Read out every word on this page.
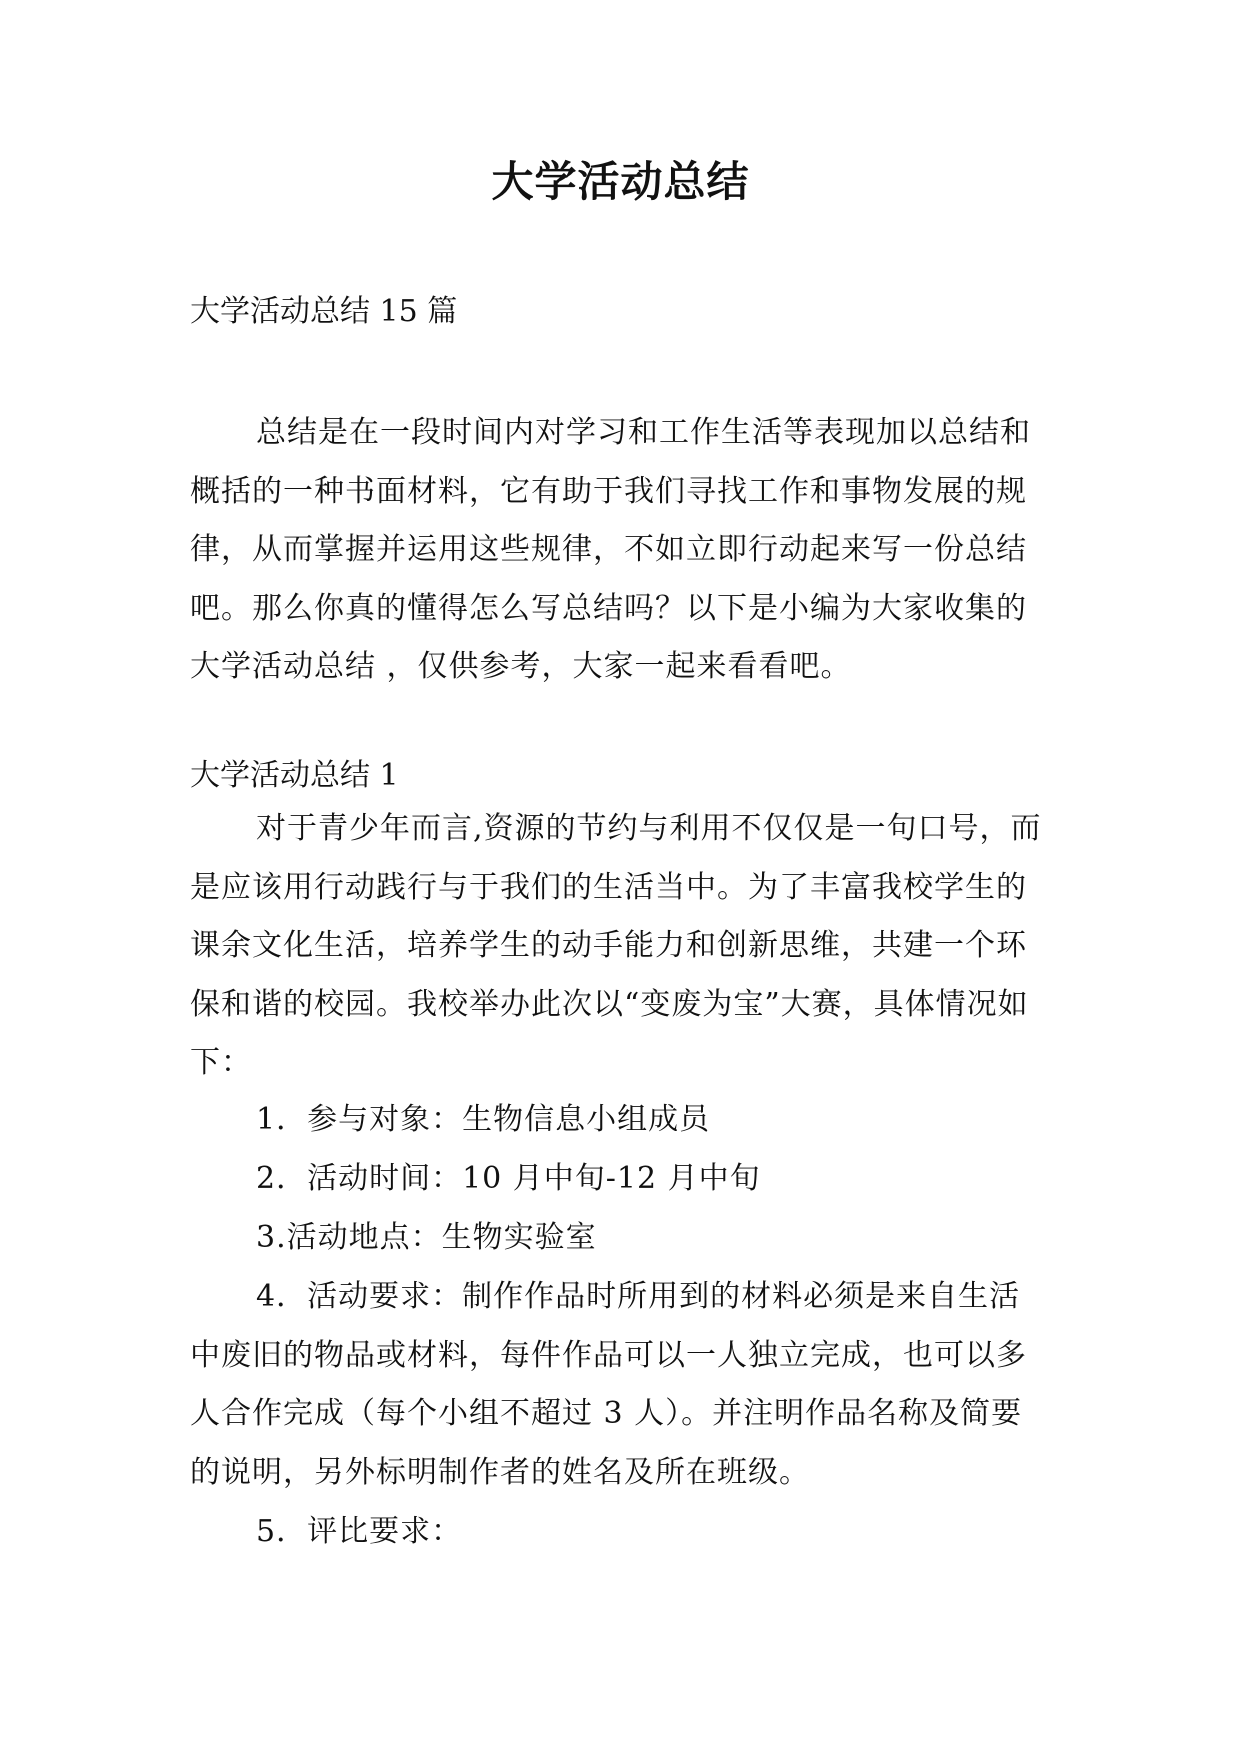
大学活动总结
大学活动总结 15 篇

总结是在一段时间内对学习和工作生活等表现加以总结和概括的一种书面材料，它有助于我们寻找工作和事物发展的规律，从而掌握并运用这些规律，不如立即行动起来写一份总结吧。那么你真的懂得怎么写总结吗？以下是小编为大家收集的大学活动总结 ，仅供参考，大家一起来看看吧。

大学活动总结 1

对于青少年而言,资源的节约与利用不仅仅是一句口号，而是应该用行动践行与于我们的生活当中。为了丰富我校学生的课余文化生活，培养学生的动手能力和创新思维，共建一个环保和谐的校园。我校举办此次以“变废为宝”大赛，具体情况如下：

1．参与对象：生物信息小组成员
2．活动时间：10 月中旬-12 月中旬
3.活动地点：生物实验室

4．活动要求：制作作品时所用到的材料必须是来自生活中废旧的物品或材料，每件作品可以一人独立完成，也可以多人合作完成（每个小组不超过 3 人）。并注明作品名称及简要的说明，另外标明制作者的姓名及所在班级。

5．评比要求：
